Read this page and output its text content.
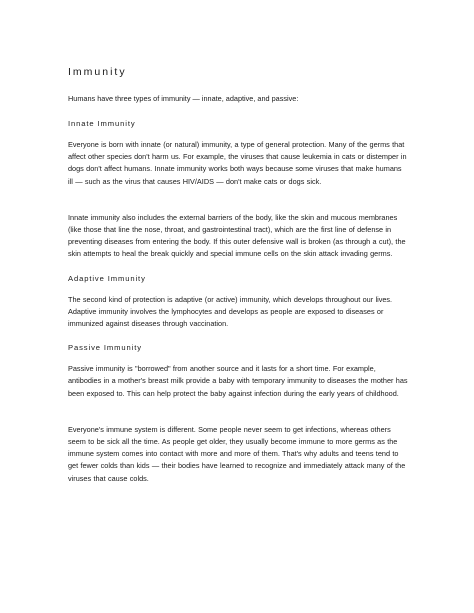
Immunity

Humans have three types of immunity — innate, adaptive, and passive:

Innate Immunity

Everyone is born with innate (or natural) immunity, a type of general protection. Many of the germs that affect other species don't harm us. For example, the viruses that cause leukemia in cats or distemper in dogs don't affect humans. Innate immunity works both ways because some viruses that make humans ill — such as the virus that causes HIV/AIDS — don't make cats or dogs sick.

Innate immunity also includes the external barriers of the body, like the skin and mucous membranes (like those that line the nose, throat, and gastrointestinal tract), which are the first line of defense in preventing diseases from entering the body. If this outer defensive wall is broken (as through a cut), the skin attempts to heal the break quickly and special immune cells on the skin attack invading germs.

Adaptive Immunity

The second kind of protection is adaptive (or active) immunity, which develops throughout our lives. Adaptive immunity involves the lymphocytes and develops as people are exposed to diseases or immunized against diseases through vaccination.

Passive Immunity

Passive immunity is "borrowed" from another source and it lasts for a short time. For example, antibodies in a mother's breast milk provide a baby with temporary immunity to diseases the mother has been exposed to. This can help protect the baby against infection during the early years of childhood.

Everyone's immune system is different. Some people never seem to get infections, whereas others seem to be sick all the time. As people get older, they usually become immune to more germs as the immune system comes into contact with more and more of them. That's why adults and teens tend to get fewer colds than kids — their bodies have learned to recognize and immediately attack many of the viruses that cause colds.
